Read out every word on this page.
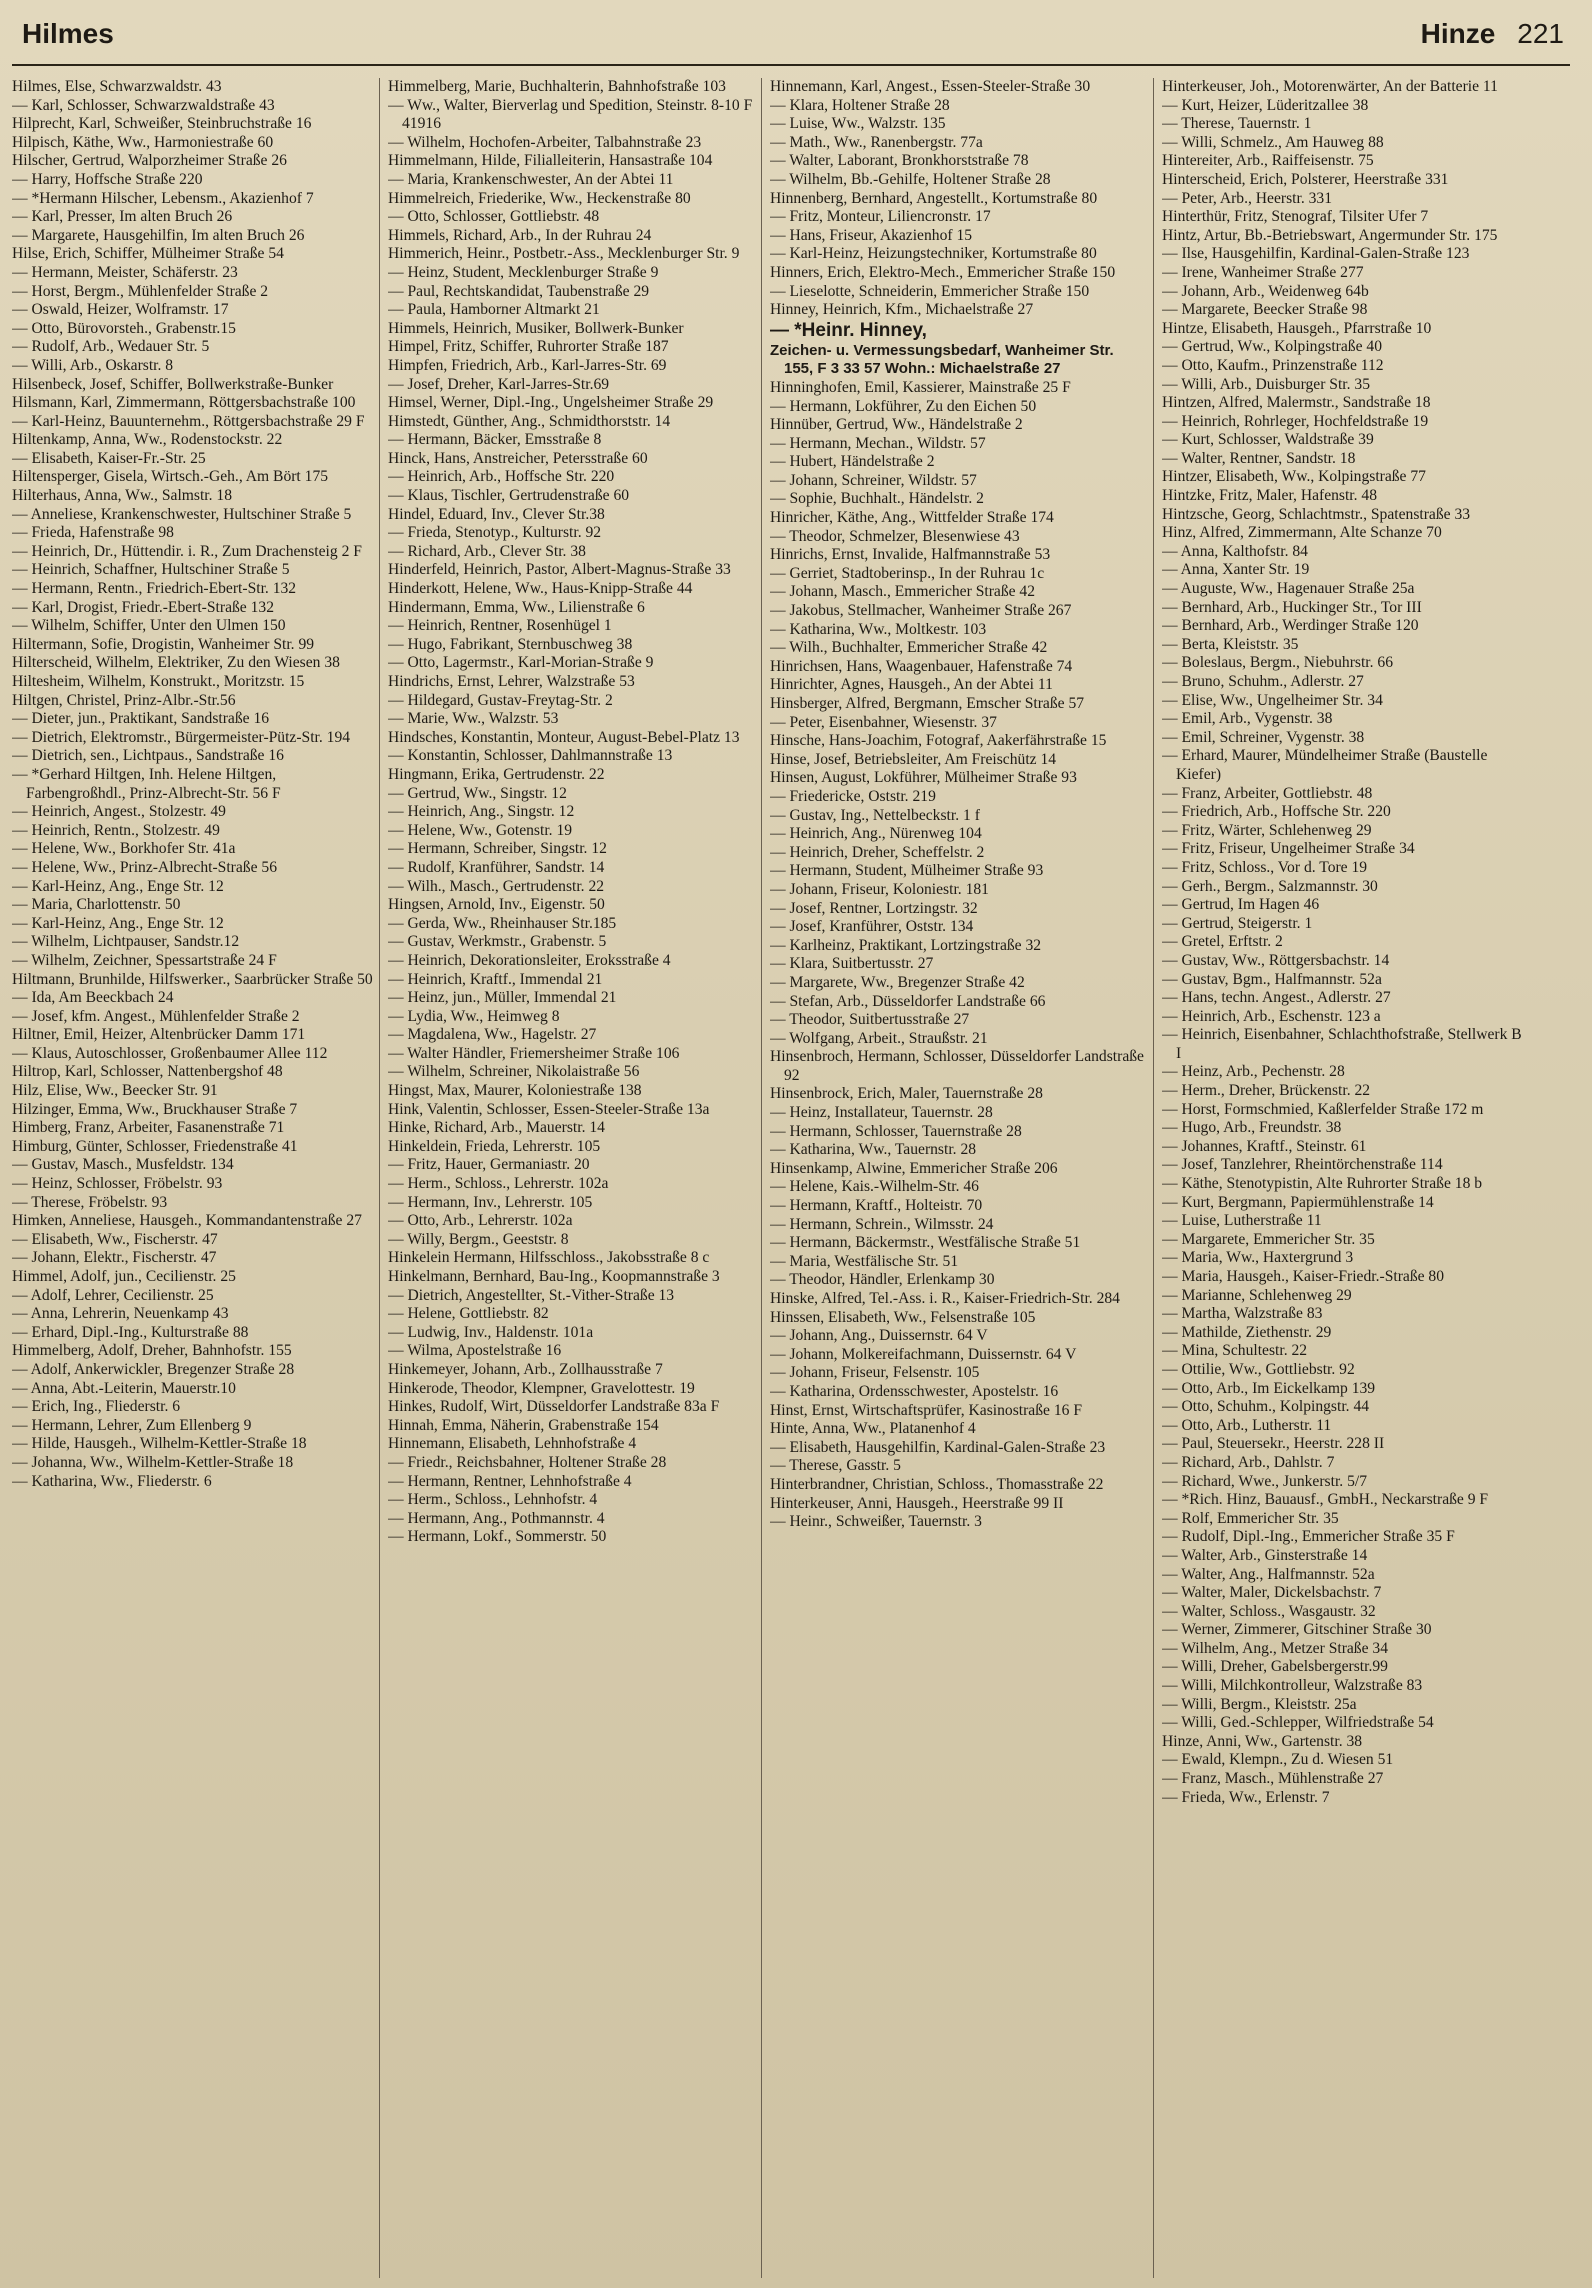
Hilmes	Hinze 221

Hilmes, Else, Schwarzwaldstr. 43

— Karl, Schlosser, Schwarzwaldstraße 43

Hilprecht, Karl, Schweißer, Steinbruchstraße 16

Hilpisch, Käthe, Ww., Harmoniestraße 60

Hilscher, Gertrud, Walporzheimer Straße 26

— Harry, Hoffsche Straße 220

— *Hermann Hilscher, Lebensm., Akazienhof 7

— Karl, Presser, Im alten Bruch 26

— Margarete, Hausgehilfin, Im alten Bruch 26

Hilse, Erich, Schiffer, Mülheimer Straße 54

— Hermann, Meister, Schäferstr. 23

— Horst, Bergm., Mühlenfelder Straße 2

— Oswald, Heizer, Wolframstr. 17

— Otto, Bürovorsteh., Grabenstr.15

— Rudolf, Arb., Wedauer Str. 5

— Willi, Arb., Oskarstr. 8

Hilsenbeck, Josef, Schiffer, Bollwerkstraße-Bunker

Hilsmann, Karl, Zimmermann, Röttgersbachstraße 100

— Karl-Heinz, Bauunternehm., Röttgersbachstraße 29 F

Hiltenkamp, Anna, Ww., Rodenstockstr. 22

— Elisabeth, Kaiser-Fr.-Str. 25

Hiltensperger, Gisela, Wirtsch.-Geh., Am Bört 175

Hilterhaus, Anna, Ww., Salmstr. 18

— Anneliese, Krankenschwester, Hultschiner Straße 5

— Frieda, Hafenstraße 98

— Heinrich, Dr., Hüttendir. i. R., Zum Drachensteig 2 F

— Heinrich, Schaffner, Hultschiner Straße 5

— Hermann, Rentn., Friedrich-Ebert-Str. 132

— Karl, Drogist, Friedr.-Ebert-Straße 132

— Wilhelm, Schiffer, Unter den Ulmen 150

Hiltermann, Sofie, Drogistin, Wanheimer Str. 99

Hilterscheid, Wilhelm, Elektriker, Zu den Wiesen 38

Hiltesheim, Wilhelm, Konstrukt., Moritzstr. 15

Hiltgen, Christel, Prinz-Albr.-Str.56

— Dieter, jun., Praktikant, Sandstraße 16

— Dietrich, Elektromstr., Bürgermeister-Pütz-Str. 194

— Dietrich, sen., Lichtpaus., Sandstraße 16

— *Gerhard Hiltgen, Inh. Helene Hiltgen, Farbengroßhdl., Prinz-Albrecht-Str. 56 F

— Heinrich, Angest., Stolzestr. 49

— Heinrich, Rentn., Stolzestr. 49

— Helene, Ww., Borkhofer Str. 41a

— Helene, Ww., Prinz-Albrecht-Straße 56

— Karl-Heinz, Ang., Enge Str. 12

— Maria, Charlottenstr. 50

— Karl-Heinz, Ang., Enge Str. 12

— Wilhelm, Lichtpauser, Sandstr.12

— Wilhelm, Zeichner, Spessartstraße 24 F

Hiltmann, Brunhilde, Hilfswerker., Saarbrücker Straße 50

— Ida, Am Beeckbach 24

— Josef, kfm. Angest., Mühlenfelder Straße 2

Hiltner, Emil, Heizer, Altenbrücker Damm 171

— Klaus, Autoschlosser, Großenbaumer Allee 112

Hiltrop, Karl, Schlosser, Nattenbergshof 48

Hilz, Elise, Ww., Beecker Str. 91

Hilzinger, Emma, Ww., Bruckhauser Straße 7

Himberg, Franz, Arbeiter, Fasanenstraße 71

Himburg, Günter, Schlosser, Friedenstraße 41

— Gustav, Masch., Musfeldstr. 134

— Heinz, Schlosser, Fröbelstr. 93

— Therese, Fröbelstr. 93

Himken, Anneliese, Hausgeh., Kommandantenstraße 27

— Elisabeth, Ww., Fischerstr. 47

— Johann, Elektr., Fischerstr. 47

Himmel, Adolf, jun., Cecilienstr. 25

— Adolf, Lehrer, Cecilienstr. 25

— Anna, Lehrerin, Neuenkamp 43

— Erhard, Dipl.-Ing., Kulturstraße 88

Himmelberg, Adolf, Dreher, Bahnhofstr. 155

— Adolf, Ankerwickler, Bregenzer Straße 28

— Anna, Abt.-Leiterin, Mauerstr.10

— Erich, Ing., Fliederstr. 6

— Hermann, Lehrer, Zum Ellenberg 9

— Hilde, Hausgeh., Wilhelm-Kettler-Straße 18

— Johanna, Ww., Wilhelm-Kettler-Straße 18

— Katharina, Ww., Fliederstr. 6

Himmelberg, Marie, Buchhalterin, Bahnhofstraße 103

— Ww., Walter, Bierverlag und Spedition, Steinstr. 8-10 F 41916

— Wilhelm, Hochofen-Arbeiter, Talbahnstraße 23

Himmelmann, Hilde, Filialleiterin, Hansastraße 104

— Maria, Krankenschwester, An der Abtei 11

Himmelreich, Friederike, Ww., Heckenstraße 80

— Otto, Schlosser, Gottliebstr. 48

Himmels, Richard, Arb., In der Ruhrau 24

Himmerich, Heinr., Postbetr.-Ass., Mecklenburger Str. 9

— Heinz, Student, Mecklenburger Straße 9

— Paul, Rechtskandidat, Taubenstraße 29

— Paula, Hamborner Altmarkt 21

Himmels, Heinrich, Musiker, Bollwerk-Bunker

Himpel, Fritz, Schiffer, Ruhrorter Straße 187

Himpfen, Friedrich, Arb., Karl-Jarres-Str. 69

— Josef, Dreher, Karl-Jarres-Str.69

Himsel, Werner, Dipl.-Ing., Ungelsheimer Straße 29

Himstedt, Günther, Ang., Schmidthorststr. 14

— Hermann, Bäcker, Emsstraße 8

Hinck, Hans, Anstreicher, Petersstraße 60

— Heinrich, Arb., Hoffsche Str. 220

— Klaus, Tischler, Gertrudenstraße 60

Hindel, Eduard, Inv., Clever Str.38

— Frieda, Stenotyp., Kulturstr. 92

— Richard, Arb., Clever Str. 38

Hinderfeld, Heinrich, Pastor, Albert-Magnus-Straße 33

Hinderkott, Helene, Ww., Haus-Knipp-Straße 44

Hindermann, Emma, Ww., Lilienstraße 6

— Heinrich, Rentner, Rosenhügel 1

— Hugo, Fabrikant, Sternbuschweg 38

— Otto, Lagermstr., Karl-Morian-Straße 9

Hindrichs, Ernst, Lehrer, Walzstraße 53

— Hildegard, Gustav-Freytag-Str. 2

— Marie, Ww., Walzstr. 53

Hindsches, Konstantin, Monteur, August-Bebel-Platz 13

— Konstantin, Schlosser, Dahlmannstraße 13

Hingmann, Erika, Gertrudenstr. 22

— Gertrud, Ww., Singstr. 12

— Heinrich, Ang., Singstr. 12

— Helene, Ww., Gotenstr. 19

— Hermann, Schreiber, Singstr. 12

— Rudolf, Kranführer, Sandstr. 14

— Wilh., Masch., Gertrudenstr. 22

Hingsen, Arnold, Inv., Eigenstr. 50

— Gerda, Ww., Rheinhauser Str.185

— Gustav, Werkmstr., Grabenstr. 5

— Heinrich, Dekorationsleiter, Eroksstraße 4

— Heinrich, Kraftf., Immendal 21

— Heinz, jun., Müller, Immendal 21

— Lydia, Ww., Heimweg 8

— Magdalena, Ww., Hagelstr. 27

— Walter Händler, Friemersheimer Straße 106

— Wilhelm, Schreiner, Nikolaistraße 56

Hingst, Max, Maurer, Koloniestraße 138

Hink, Valentin, Schlosser, Essen-Steeler-Straße 13a

Hinke, Richard, Arb., Mauerstr. 14

Hinkeldein, Frieda, Lehrerstr. 105

— Fritz, Hauer, Germaniastr. 20

— Herm., Schloss., Lehrerstr. 102a

— Hermann, Inv., Lehrerstr. 105

— Otto, Arb., Lehrerstr. 102a

— Willy, Bergm., Geeststr. 8

Hinkelein Hermann, Hilfsschloss., Jakobsstraße 8 c

Hinkelmann, Bernhard, Bau-Ing., Koopmannstraße 3

— Dietrich, Angestellter, St.-Vither-Straße 13

— Helene, Gottliebstr. 82

— Ludwig, Inv., Haldenstr. 101a

— Wilma, Apostelstraße 16

Hinkemeyer, Johann, Arb., Zollhausstraße 7

Hinkerode, Theodor, Klempner, Gravelottestr. 19

Hinkes, Rudolf, Wirt, Düsseldorfer Landstraße 83a F

Hinnah, Emma, Näherin, Grabenstraße 154

Hinnemann, Elisabeth, Lehnhofstraße 4

— Friedr., Reichsbahner, Holtener Straße 28

— Hermann, Rentner, Lehnhofstraße 4

— Herm., Schloss., Lehnhofstr. 4

— Hermann, Ang., Pothmannstr. 4

— Hermann, Lokf., Sommerstr. 50

Hinnemann, Karl, Angest., Essen-Steeler-Straße 30

— Klara, Holtener Straße 28

— Luise, Ww., Walzstr. 135

— Math., Ww., Ranenbergstr. 77a

— Walter, Laborant, Bronkhorststraße 78

— Wilhelm, Bb.-Gehilfe, Holtener Straße 28

Hinnenberg, Bernhard, Angestellt., Kortumstraße 80

— Fritz, Monteur, Liliencronstr. 17

— Hans, Friseur, Akazienhof 15

— Karl-Heinz, Heizungstechniker, Kortumstraße 80

Hinners, Erich, Elektro-Mech., Emmericher Straße 150

— Lieselotte, Schneiderin, Emmericher Straße 150

Hinney, Heinrich, Kfm., Michaelstraße 27

— *Heinr. Hinney,

Zeichen- u. Vermessungsbedarf, Wanheimer Str. 155, F 3 33 57 Wohn.: Michaelstraße 27

Hinninghofen, Emil, Kassierer, Mainstraße 25 F

— Hermann, Lokführer, Zu den Eichen 50

Hinnüber, Gertrud, Ww., Händelstraße 2

— Hermann, Mechan., Wildstr. 57

— Hubert, Händelstraße 2

— Johann, Schreiner, Wildstr. 57

— Sophie, Buchhalt., Händelstr. 2

Hinricher, Käthe, Ang., Wittfelder Straße 174

— Theodor, Schmelzer, Blesenwiese 43

Hinrichs, Ernst, Invalide, Halfmannstraße 53

— Gerriet, Stadtoberinsp., In der Ruhrau 1c

— Johann, Masch., Emmericher Straße 42

— Jakobus, Stellmacher, Wanheimer Straße 267

— Katharina, Ww., Moltkestr. 103

— Wilh., Buchhalter, Emmericher Straße 42

Hinrichsen, Hans, Waagenbauer, Hafenstraße 74

Hinrichter, Agnes, Hausgeh., An der Abtei 11

Hinsberger, Alfred, Bergmann, Emscher Straße 57

— Peter, Eisenbahner, Wiesenstr. 37

Hinsche, Hans-Joachim, Fotograf, Aakerfährstraße 15

Hinse, Josef, Betriebsleiter, Am Freischütz 14

Hinsen, August, Lokführer, Mülheimer Straße 93

— Friedericke, Oststr. 219

— Gustav, Ing., Nettelbeckstr. 1 f

— Heinrich, Ang., Nürenweg 104

— Heinrich, Dreher, Scheffelstr. 2

— Hermann, Student, Mülheimer Straße 93

— Johann, Friseur, Koloniestr. 181

— Josef, Rentner, Lortzingstr. 32

— Josef, Kranführer, Oststr. 134

— Karlheinz, Praktikant, Lortzingstraße 32

— Klara, Suitbertusstr. 27

— Margarete, Ww., Bregenzer Straße 42

— Stefan, Arb., Düsseldorfer Landstraße 66

— Theodor, Suitbertusstraße 27

— Wolfgang, Arbeit., Straußstr. 21

Hinsenbroch, Hermann, Schlosser, Düsseldorfer Landstraße 92

Hinsenbrock, Erich, Maler, Tauernstraße 28

— Heinz, Installateur, Tauernstr. 28

— Hermann, Schlosser, Tauernstraße 28

— Katharina, Ww., Tauernstr. 28

Hinsenkamp, Alwine, Emmericher Straße 206

— Helene, Kais.-Wilhelm-Str. 46

— Hermann, Kraftf., Holteistr. 70

— Hermann, Schrein., Wilmsstr. 24

— Hermann, Bäckermstr., Westfälische Straße 51

— Maria, Westfälische Str. 51

— Theodor, Händler, Erlenkamp 30

Hinske, Alfred, Tel.-Ass. i. R., Kaiser-Friedrich-Str. 284

Hinssen, Elisabeth, Ww., Felsenstraße 105

— Johann, Ang., Duissernstr. 64 V

— Johann, Molkereifachmann, Duissernstr. 64 V

— Johann, Friseur, Felsenstr. 105

— Katharina, Ordensschwester, Apostelstr. 16

Hinst, Ernst, Wirtschaftsprüfer, Kasinostraße 16 F

Hinte, Anna, Ww., Platanenhof 4

— Elisabeth, Hausgehilfin, Kardinal-Galen-Straße 23

— Therese, Gasstr. 5

Hinterbrandner, Christian, Schloss., Thomasstraße 22

Hinterkeuser, Anni, Hausgeh., Heerstraße 99 II

— Heinr., Schweißer, Tauernstr. 3

Hinterkeuser, Joh., Motorenwärter, An der Batterie 11

— Kurt, Heizer, Lüderitzallee 38

— Therese, Tauernstr. 1

— Willi, Schmelz., Am Hauweg 88

Hintereiter, Arb., Raiffeisenstr. 75

Hinterscheid, Erich, Polsterer, Heerstraße 331

— Peter, Arb., Heerstr. 331

Hinterthür, Fritz, Stenograf, Tilsiter Ufer 7

Hintz, Artur, Bb.-Betriebswart, Angermunder Str. 175

— Ilse, Hausgehilfin, Kardinal-Galen-Straße 123

— Irene, Wanheimer Straße 277

— Johann, Arb., Weidenweg 64b

— Margarete, Beecker Straße 98

Hintze, Elisabeth, Hausgeh., Pfarrstraße 10

— Gertrud, Ww., Kolpingstraße 40

— Otto, Kaufm., Prinzenstraße 112

— Willi, Arb., Duisburger Str. 35

Hintzen, Alfred, Malermstr., Sandstraße 18

— Heinrich, Rohrleger, Hochfeldstraße 19

— Kurt, Schlosser, Waldstraße 39

— Walter, Rentner, Sandstr. 18

Hintzer, Elisabeth, Ww., Kolpingstraße 77

Hintzke, Fritz, Maler, Hafenstr. 48

Hintzsche, Georg, Schlachtmstr., Spatenstraße 33

Hinz, Alfred, Zimmermann, Alte Schanze 70

— Anna, Kalthofstr. 84

— Anna, Xanter Str. 19

— Auguste, Ww., Hagenauer Straße 25a

— Bernhard, Arb., Huckinger Str., Tor III

— Bernhard, Arb., Werdinger Straße 120

— Berta, Kleiststr. 35

— Boleslaus, Bergm., Niebuhrstr. 66

— Bruno, Schuhm., Adlerstr. 27

— Elise, Ww., Ungelheimer Str. 34

— Emil, Arb., Vygenstr. 38

— Emil, Schreiner, Vygenstr. 38

— Erhard, Maurer, Mündelheimer Straße (Baustelle Kiefer)

— Franz, Arbeiter, Gottliebstr. 48

— Friedrich, Arb., Hoffsche Str. 220

— Fritz, Wärter, Schlehenweg 29

— Fritz, Friseur, Ungelheimer Straße 34

— Fritz, Schloss., Vor d. Tore 19

— Gerh., Bergm., Salzmannstr. 30

— Gertrud, Im Hagen 46

— Gertrud, Steigerstr. 1

— Gretel, Erftstr. 2

— Gustav, Ww., Röttgersbachstr. 14

— Gustav, Bgm., Halfmannstr. 52a

— Hans, techn. Angest., Adlerstr. 27

— Heinrich, Arb., Eschenstr. 123 a

— Heinrich, Eisenbahner, Schlachthofstraße, Stellwerk B I

— Heinz, Arb., Pechenstr. 28

— Herm., Dreher, Brückenstr. 22

— Horst, Formschmied, Kaßlerfelder Straße 172 m

— Hugo, Arb., Freundstr. 38

— Johannes, Kraftf., Steinstr. 61

— Josef, Tanzlehrer, Rheintörchenstraße 114

— Käthe, Stenotypistin, Alte Ruhrorter Straße 18 b

— Kurt, Bergmann, Papiermühlenstraße 14

— Luise, Lutherstraße 11

— Margarete, Emmericher Str. 35

— Maria, Ww., Haxtergrund 3

— Maria, Hausgeh., Kaiser-Friedr.-Straße 80

— Marianne, Schlehenweg 29

— Martha, Walzstraße 83

— Mathilde, Ziethenstr. 29

— Mina, Schultestr. 22

— Ottilie, Ww., Gottliebstr. 92

— Otto, Arb., Im Eickelkamp 139

— Otto, Schuhm., Kolpingstr. 44

— Otto, Arb., Lutherstr. 11

— Paul, Steuersekr., Heerstr. 228 II

— Richard, Arb., Dahlstr. 7

— Richard, Wwe., Junkerstr. 5/7

— *Rich. Hinz, Bauausf., GmbH., Neckarstraße 9 F

— Rolf, Emmericher Str. 35

— Rudolf, Dipl.-Ing., Emmericher Straße 35 F

— Walter, Arb., Ginsterstraße 14

— Walter, Ang., Halfmannstr. 52a

— Walter, Maler, Dickelsbachstr. 7

— Walter, Schloss., Wasgaustr. 32

— Werner, Zimmerer, Gitschiner Straße 30

— Wilhelm, Ang., Metzer Straße 34

— Willi, Dreher, Gabelsbergerstr.99

— Willi, Milchkontrolleur, Walzstraße 83

— Willi, Bergm., Kleiststr. 25a

— Willi, Ged.-Schlepper, Wilfriedstraße 54

Hinze, Anni, Ww., Gartenstr. 38

— Ewald, Klempn., Zu d. Wiesen 51

— Franz, Masch., Mühlenstraße 27

— Frieda, Ww., Erlenstr. 7
